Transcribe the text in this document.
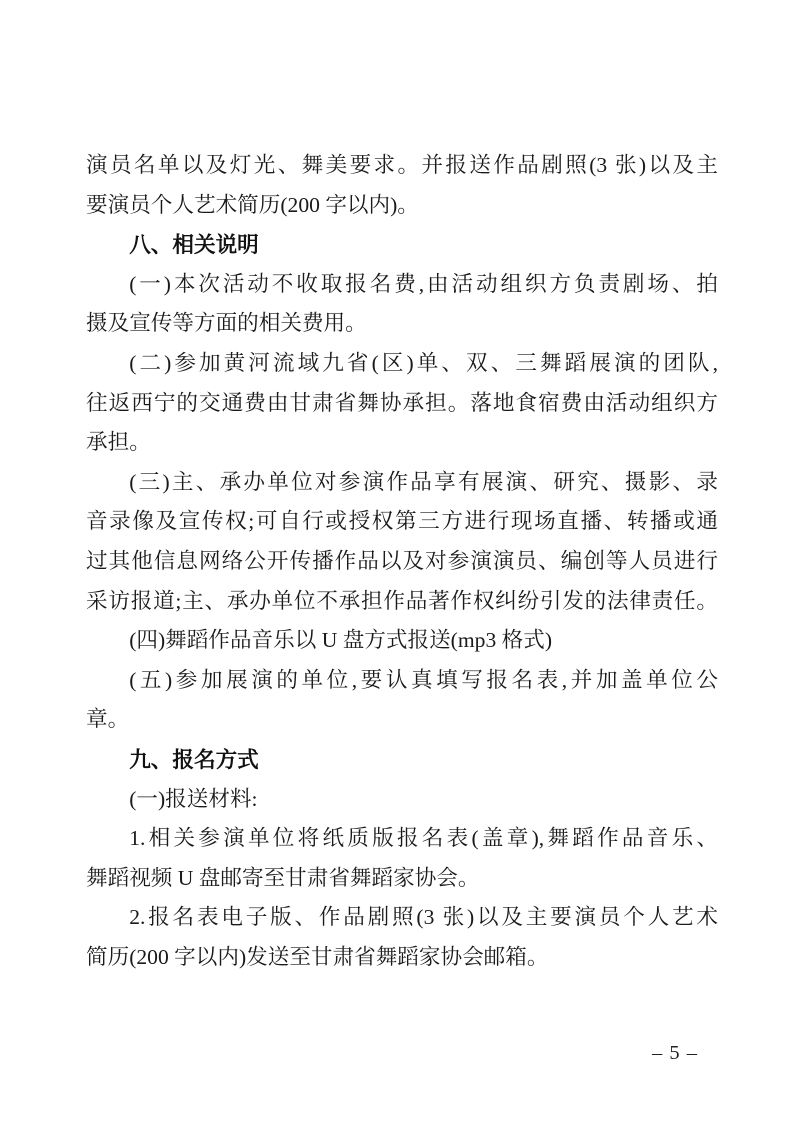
演员名单以及灯光、舞美要求。并报送作品剧照(3 张)以及主
要演员个人艺术简历(200 字以内)。
八、相关说明
(一)本次活动不收取报名费,由活动组织方负责剧场、拍
摄及宣传等方面的相关费用。
(二)参加黄河流域九省(区)单、双、三舞蹈展演的团队,
往返西宁的交通费由甘肃省舞协承担。落地食宿费由活动组织方
承担。
(三)主、承办单位对参演作品享有展演、研究、摄影、录
音录像及宣传权;可自行或授权第三方进行现场直播、转播或通
过其他信息网络公开传播作品以及对参演演员、编创等人员进行
采访报道;主、承办单位不承担作品著作权纠纷引发的法律责任。
(四)舞蹈作品音乐以 U 盘方式报送(mp3 格式)
(五)参加展演的单位,要认真填写报名表,并加盖单位公
章。
九、报名方式
(一)报送材料:
1.相关参演单位将纸质版报名表(盖章),舞蹈作品音乐、
舞蹈视频 U 盘邮寄至甘肃省舞蹈家协会。
2.报名表电子版、作品剧照(3 张)以及主要演员个人艺术
简历(200 字以内)发送至甘肃省舞蹈家协会邮箱。
– 5 –
